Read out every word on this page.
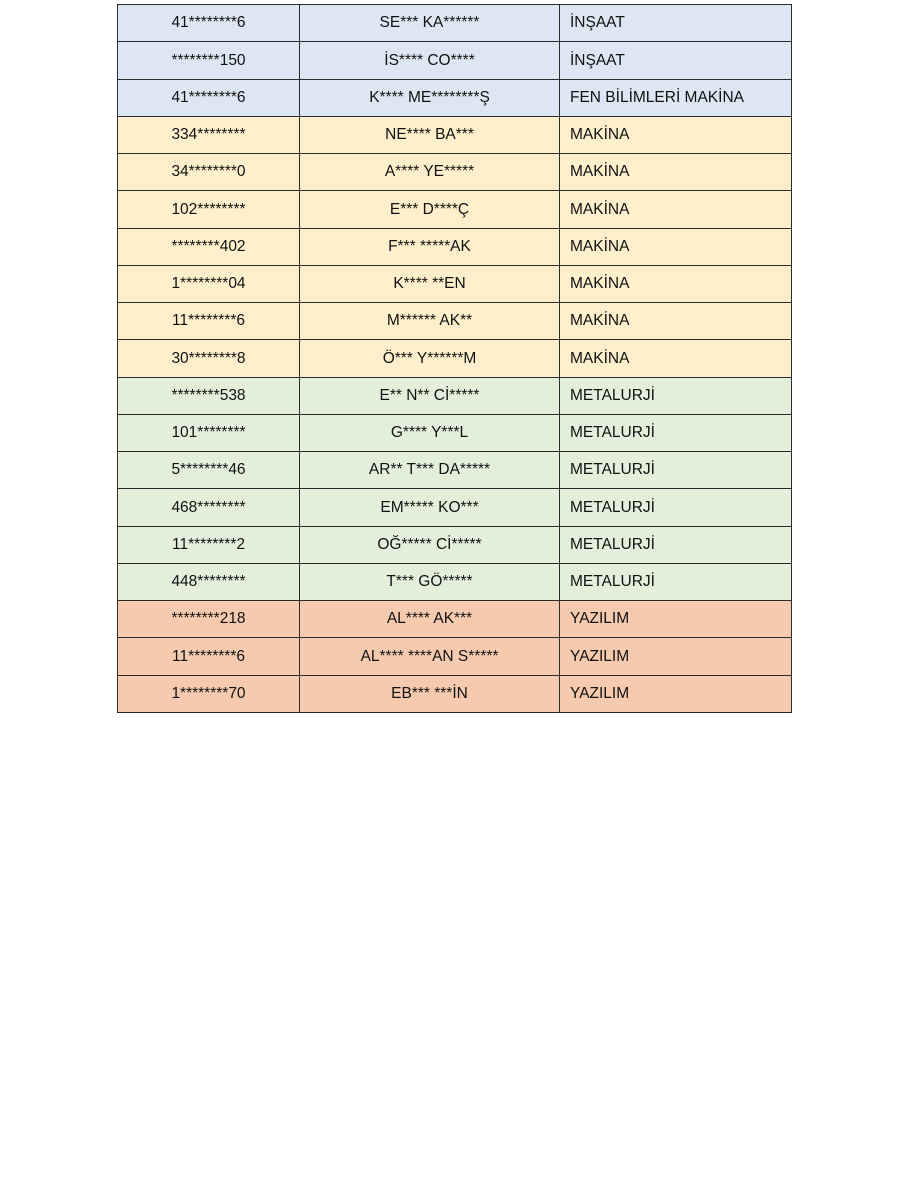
41********6	SE*** KA******	İNŞAAT
********150	İS**** CO****	İNŞAAT
41********6	K**** ME********Ş	FEN BİLİMLERİ MAKİNA
334********	NE**** BA***	MAKİNA
34********0	A**** YE*****	MAKİNA
102********	E*** D****Ç	MAKİNA
********402	F*** *****AK	MAKİNA
1********04	K**** **EN	MAKİNA
11********6	M****** AK**	MAKİNA
30********8	Ö*** Y******M	MAKİNA
********538	E** N** Cİ*****	METALURJİ
101********	G**** Y***L	METALURJİ
5********46	AR** T*** DA*****	METALURJİ
468********	EM***** KO***	METALURJİ
11********2	OĞ***** Cİ*****	METALURJİ
448********	T*** GÖ*****	METALURJİ
********218	AL**** AK***	YAZILIM
11********6	AL**** ****AN S*****	YAZILIM
1********70	EB*** ***İN	YAZILIM
